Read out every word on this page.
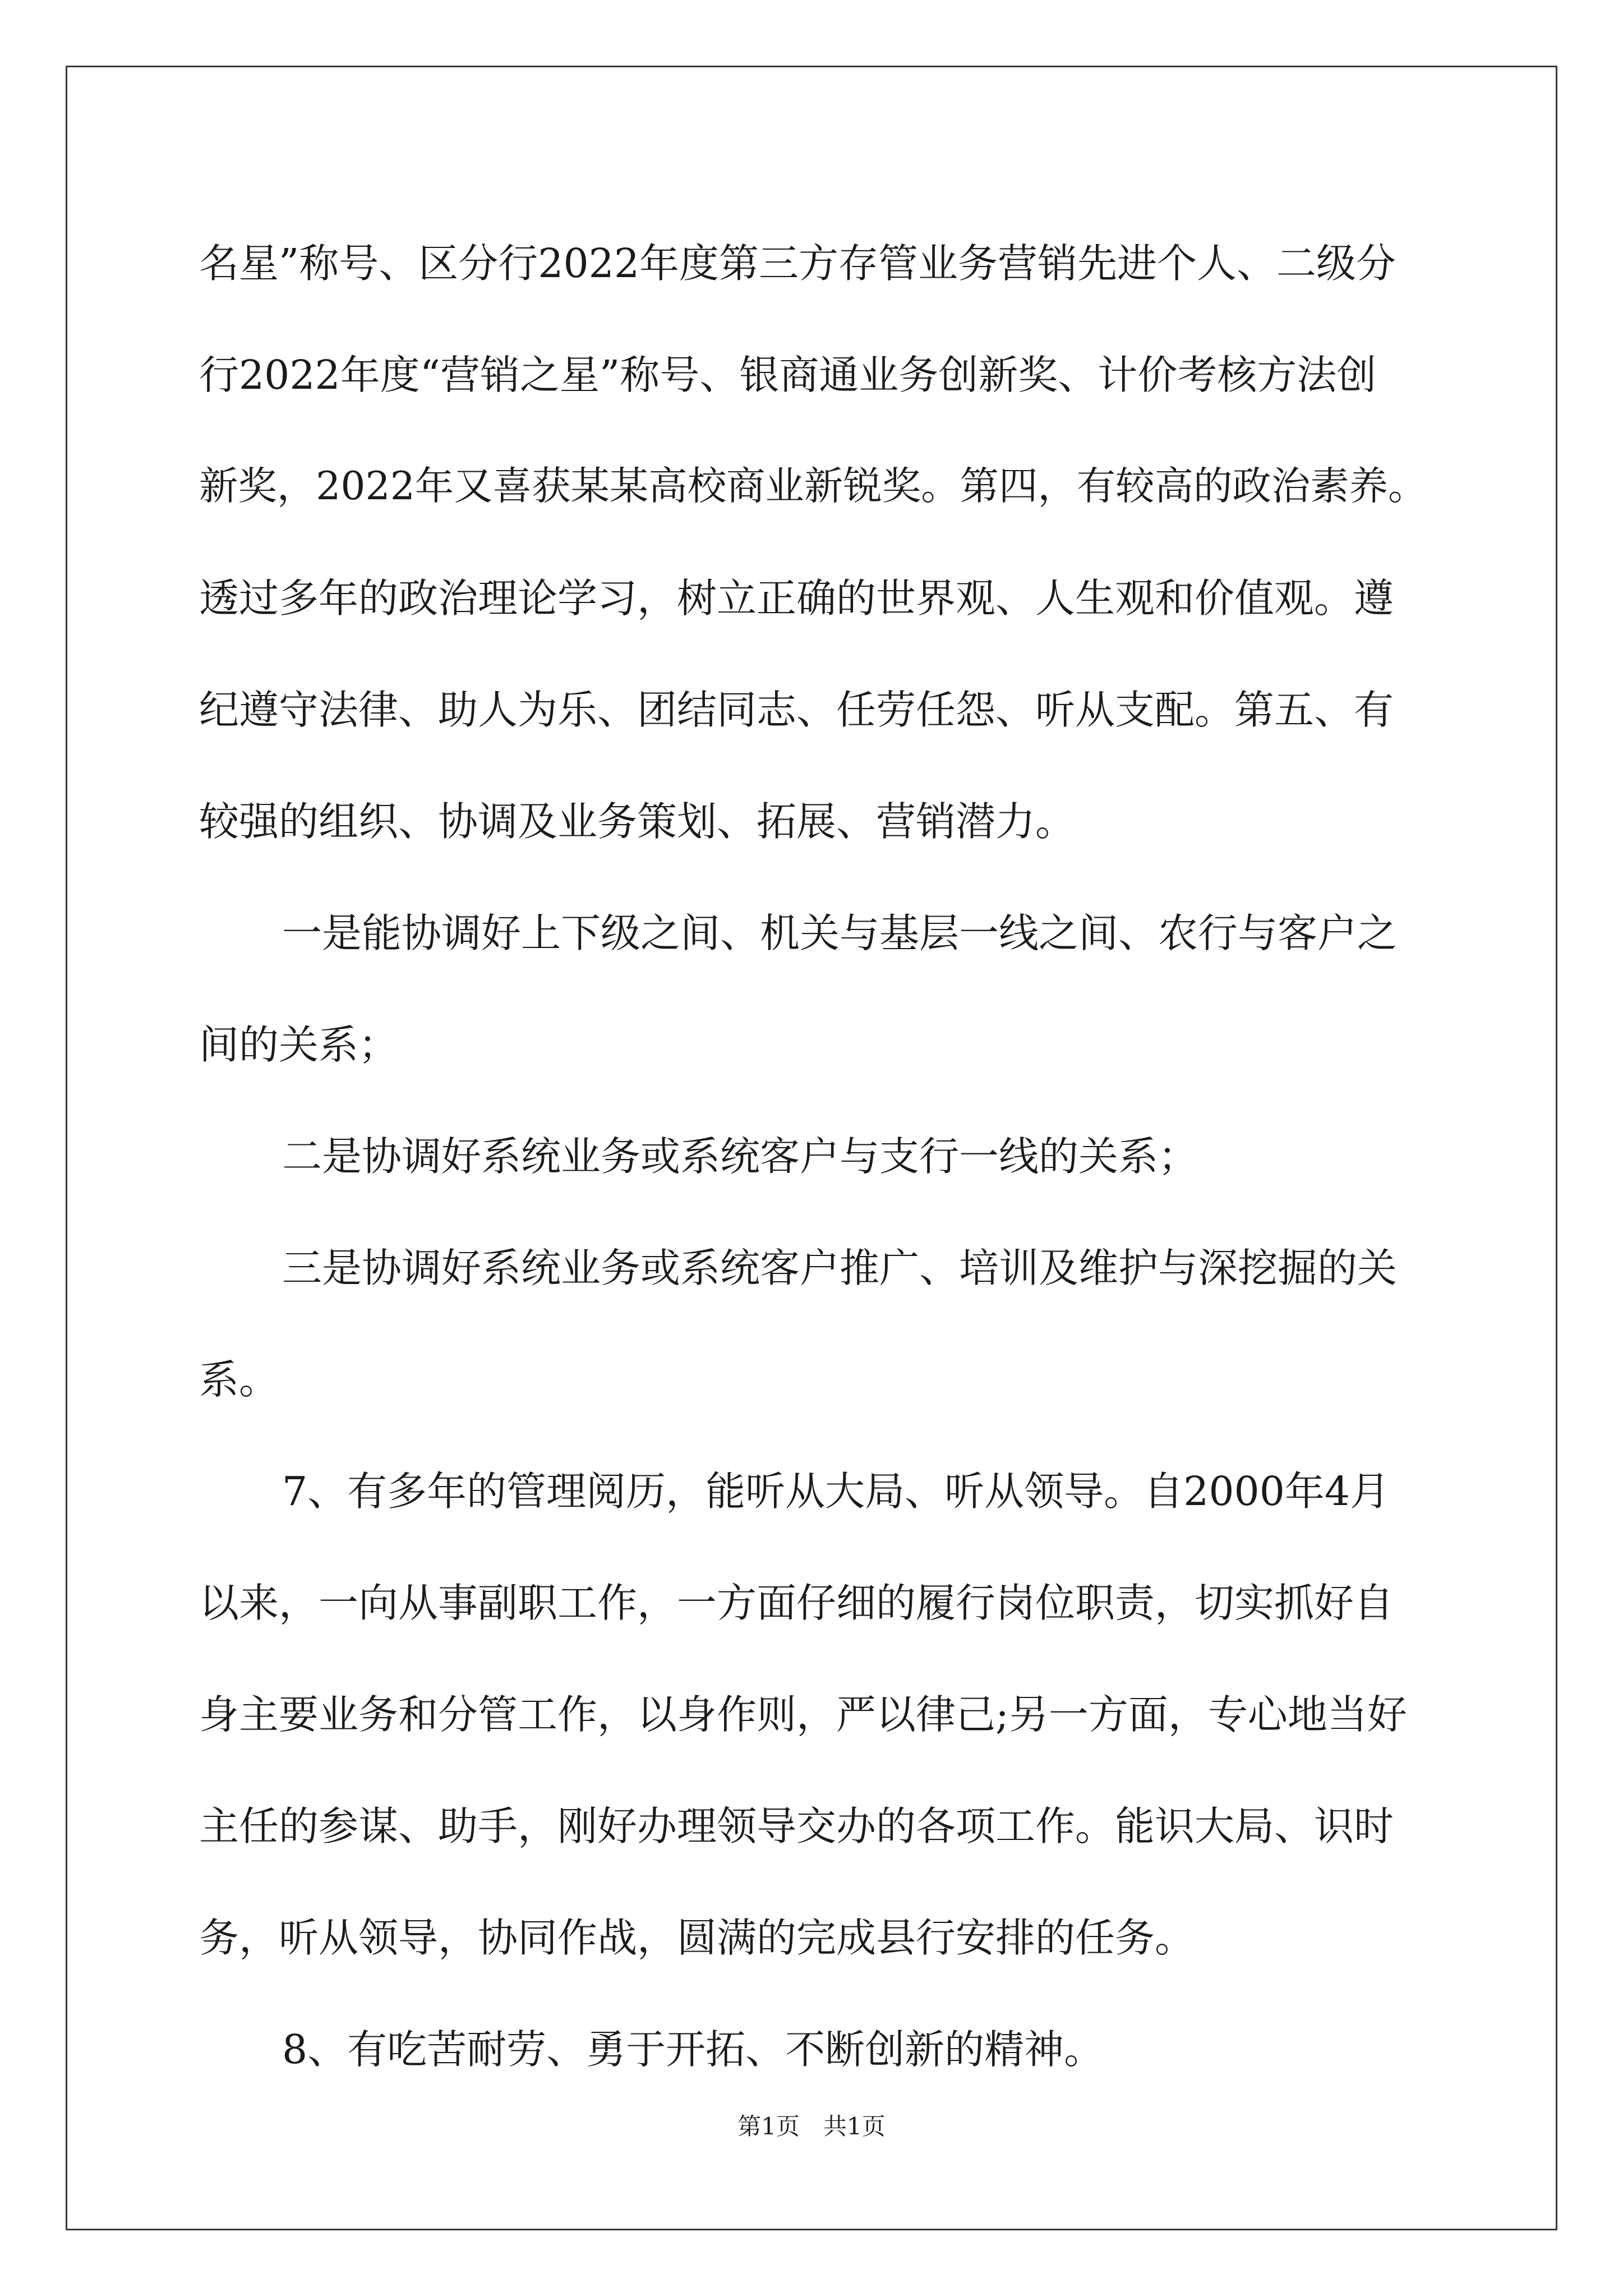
名星”称号、区分行2022年度第三方存管业务营销先进个人、二级分
行2022年度“营销之星”称号、银商通业务创新奖、计价考核方法创
新奖，2022年又喜获某某高校商业新锐奖。第四，有较高的政治素养。
透过多年的政治理论学习，树立正确的世界观、人生观和价值观。遵
纪遵守法律、助人为乐、团结同志、任劳任怨、听从支配。第五、有
较强的组织、协调及业务策划、拓展、营销潜力。
一是能协调好上下级之间、机关与基层一线之间、农行与客户之
间的关系；
二是协调好系统业务或系统客户与支行一线的关系；
三是协调好系统业务或系统客户推广、培训及维护与深挖掘的关
系。
7、有多年的管理阅历，能听从大局、听从领导。自2000年4月
以来，一向从事副职工作，一方面仔细的履行岗位职责，切实抓好自
身主要业务和分管工作，以身作则，严以律己;另一方面，专心地当好
主任的参谋、助手，刚好办理领导交办的各项工作。能识大局、识时
务，听从领导，协同作战，圆满的完成县行安排的任务。
8、有吃苦耐劳、勇于开拓、不断创新的精神。
第1页　共1页
